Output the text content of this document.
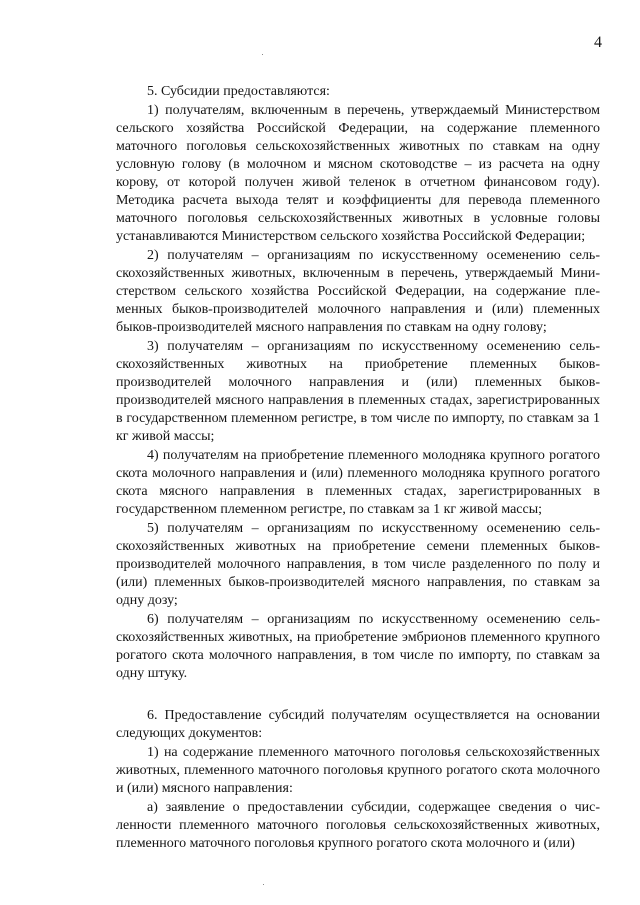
4

5. Субсидии предоставляются:

1) получателям, включенным в перечень, утверждаемый Министерством сельского хозяйства Российской Федерации, на содержание племенного маточного поголовья сельскохозяйственных животных по ставкам на одну условную голову (в молочном и мясном скотоводстве – из расчета на одну корову, от которой получен живой теленок в отчетном финансовом году). Методика расчета выхода телят и коэффициенты для перевода племенного маточного поголовья сельскохозяйственных животных в условные головы устанавливаются Министерством сельского хозяйства Российской Федерации;

2) получателям – организациям по искусственному осеменению сельскохозяйственных животных, включенным в перечень, утверждаемый Министерством сельского хозяйства Российской Федерации, на содержание племенных быков-производителей молочного направления и (или) племенных быков-производителей мясного направления по ставкам на одну голову;

3) получателям – организациям по искусственному осеменению сельскохозяйственных животных на приобретение племенных быков-производителей молочного направления и (или) племенных быков-производителей мясного направления в племенных стадах, зарегистрированных в государственном племенном регистре, в том числе по импорту, по ставкам за 1 кг живой массы;

4) получателям на приобретение племенного молодняка крупного рогатого скота молочного направления и (или) племенного молодняка крупного рогатого скота мясного направления в племенных стадах, зарегистрированных в государственном племенном регистре, по ставкам за 1 кг живой массы;

5) получателям – организациям по искусственному осеменению сельскохозяйственных животных на приобретение семени племенных быков-производителей молочного направления, в том числе разделенного по полу и (или) племенных быков-производителей мясного направления, по ставкам за одну дозу;

6) получателям – организациям по искусственному осеменению сельскохозяйственных животных, на приобретение эмбрионов племенного крупного рогатого скота молочного направления, в том числе по импорту, по ставкам за одну штуку.

6. Предоставление субсидий получателям осуществляется на основании следующих документов:

1) на содержание племенного маточного поголовья сельскохозяйственных животных, племенного маточного поголовья крупного рогатого скота молочного и (или) мясного направления:

а) заявление о предоставлении субсидии, содержащее сведения о численности племенного маточного поголовья сельскохозяйственных животных, племенного маточного поголовья крупного рогатого скота молочного и (или)
